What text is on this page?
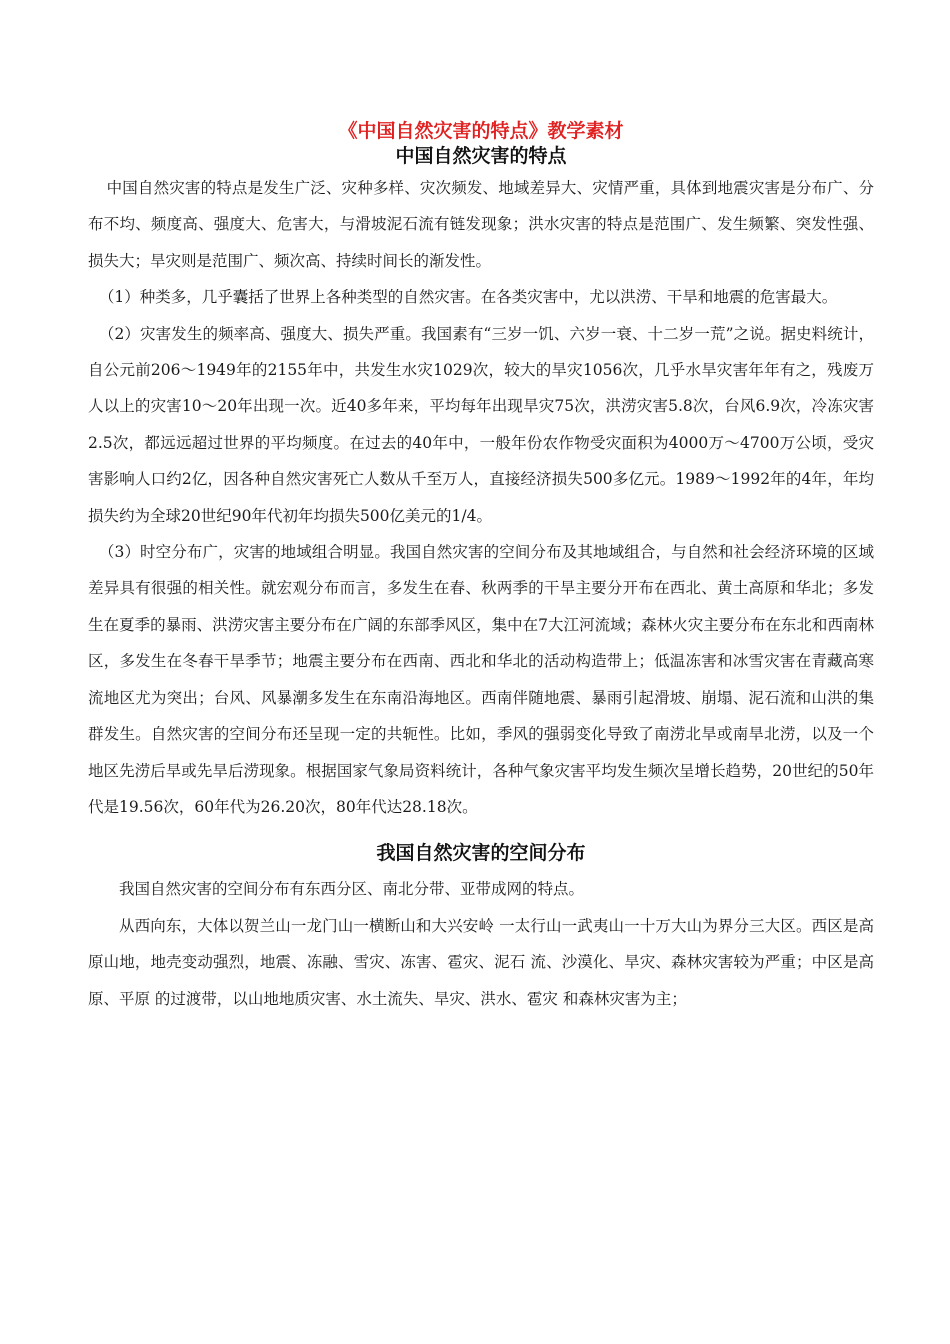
《中国自然灾害的特点》教学素材
中国自然灾害的特点

中国自然灾害的特点是发生广泛、灾种多样、灾次频发、地域差异大、灾情严重，具体到地震灾害是分布广、分布不均、频度高、强度大、危害大，与滑坡泥石流有链发现象；洪水灾害的特点是范围广、发生频繁、突发性强、损失大；旱灾则是范围广、频次高、持续时间长的渐发性。

（1）种类多，几乎囊括了世界上各种类型的自然灾害。在各类灾害中，尤以洪涝、干旱和地震的危害最大。

（2）灾害发生的频率高、强度大、损失严重。我国素有“三岁一饥、六岁一衰、十二岁一荒”之说。据史料统计，自公元前206～1949年的2155年中，共发生水灾1029次，较大的旱灾1056次，几乎水旱灾害年年有之，残废万人以上的灾害10～20年出现一次。近40多年来，平均每年出现旱灾75次，洪涝灾害5.8次，台风6.9次，冷冻灾害2.5次，都远远超过世界的平均频度。在过去的40年中，一般年份农作物受灾面积为4000万～4700万公顷，受灾害影响人口约2亿，因各种自然灾害死亡人数从千至万人，直接经济损失500多亿元。1989～1992年的4年，年均损失约为全球20世纪90年代初年均损失500亿美元的1/4。

（3）时空分布广，灾害的地域组合明显。我国自然灾害的空间分布及其地域组合，与自然和社会经济环境的区域差异具有很强的相关性。就宏观分布而言，多发生在春、秋两季的干旱主要分开布在西北、黄土高原和华北；多发生在夏季的暴雨、洪涝灾害主要分布在广阔的东部季风区，集中在7大江河流域；森林火灾主要分布在东北和西南林区，多发生在冬春干旱季节；地震主要分布在西南、西北和华北的活动构造带上；低温冻害和冰雪灾害在青藏高寒流地区尤为突出；台风、风暴潮多发生在东南沿海地区。西南伴随地震、暴雨引起滑坡、崩塌、泥石流和山洪的集群发生。自然灾害的空间分布还呈现一定的共轭性。比如，季风的强弱变化导致了南涝北旱或南旱北涝，以及一个地区先涝后旱或先旱后涝现象。根据国家气象局资料统计，各种气象灾害平均发生频次呈增长趋势，20世纪的50年代是19.56次，60年代为26.20次，80年代达28.18次。

我国自然灾害的空间分布

我国自然灾害的空间分布有东西分区、南北分带、亚带成网的特点。

从西向东，大体以贺兰山一龙门山一横断山和大兴安岭 一太行山一武夷山一十万大山为界分三大区。西区是高原山地，地壳变动强烈，地震、冻融、雪灾、冻害、雹灾、泥石 流、沙漠化、旱灾、森林灾害较为严重；中区是高原、平原 的过渡带，以山地地质灾害、水土流失、旱灾、洪水、雹灾 和森林灾害为主；
